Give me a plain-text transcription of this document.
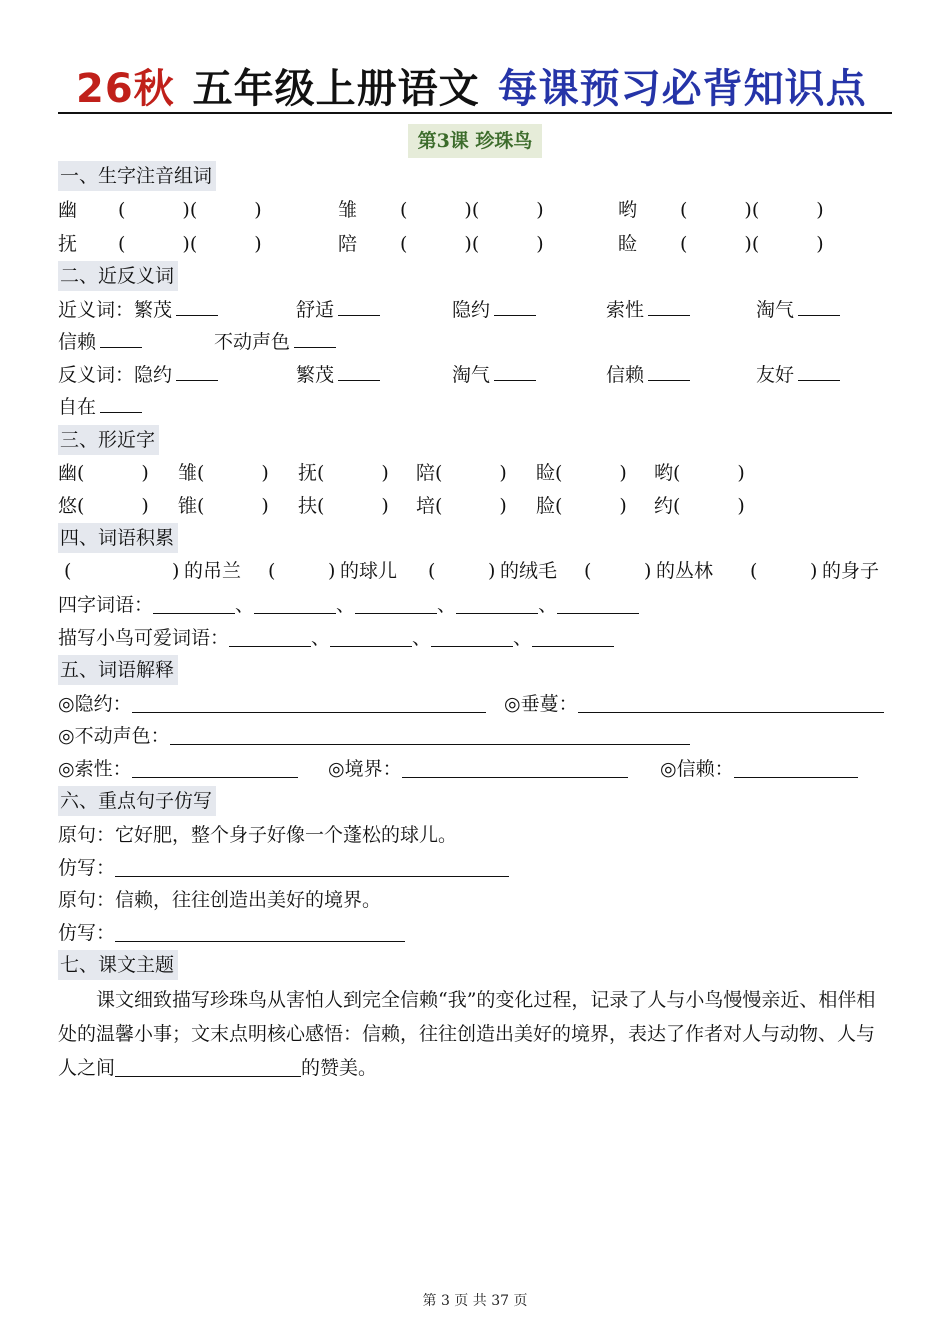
26秋 五年级上册语文 每课预习必背知识点
第3课 珍珠鸟
一、生字注音组词
幽 (　　　)(　　　)	雏 (　　　)(　　　)	哟 (　　　)(　　　)
抚 (　　　)(　　　)	陪 (　　　)(　　　)	睑 (　　　)(　　　)
二、近反义词
近义词：繁茂	舒适	隐约	索性	淘气
信赖	不动声色
反义词：隐约	繁茂	淘气	信赖	友好
自在
三、形近字
幽(　　　) 雏(　　　) 抚(　　　) 陪(　　　) 睑(　　　) 哟(　　　)
悠(　　　) 锥(　　　) 扶(　　　) 培(　　　) 脸(　　　) 约(　　　)
四、词语积累
(	) 的吊兰 (	) 的球儿 (	) 的绒毛 (	) 的丛林 (	) 的身子
四字词语：	、	、	、	、
描写小鸟可爱词语：	、	、	、
五、词语解释
◎隐约：	◎垂蔓：
◎不动声色：
◎索性：	◎境界：	◎信赖：
六、重点句子仿写
原句：它好肥，整个身子好像一个蓬松的球儿。
仿写：
原句：信赖，往往创造出美好的境界。
仿写：
七、课文主题
课文细致描写珍珠鸟从害怕人到完全信赖“我”的变化过程，记录了人与小鸟慢慢亲近、相伴相处的温馨小事；文末点明核心感悟：信赖，往往创造出美好的境界，表达了作者对人与动物、人与人之间	的赞美。
第 3 页 共 37 页
